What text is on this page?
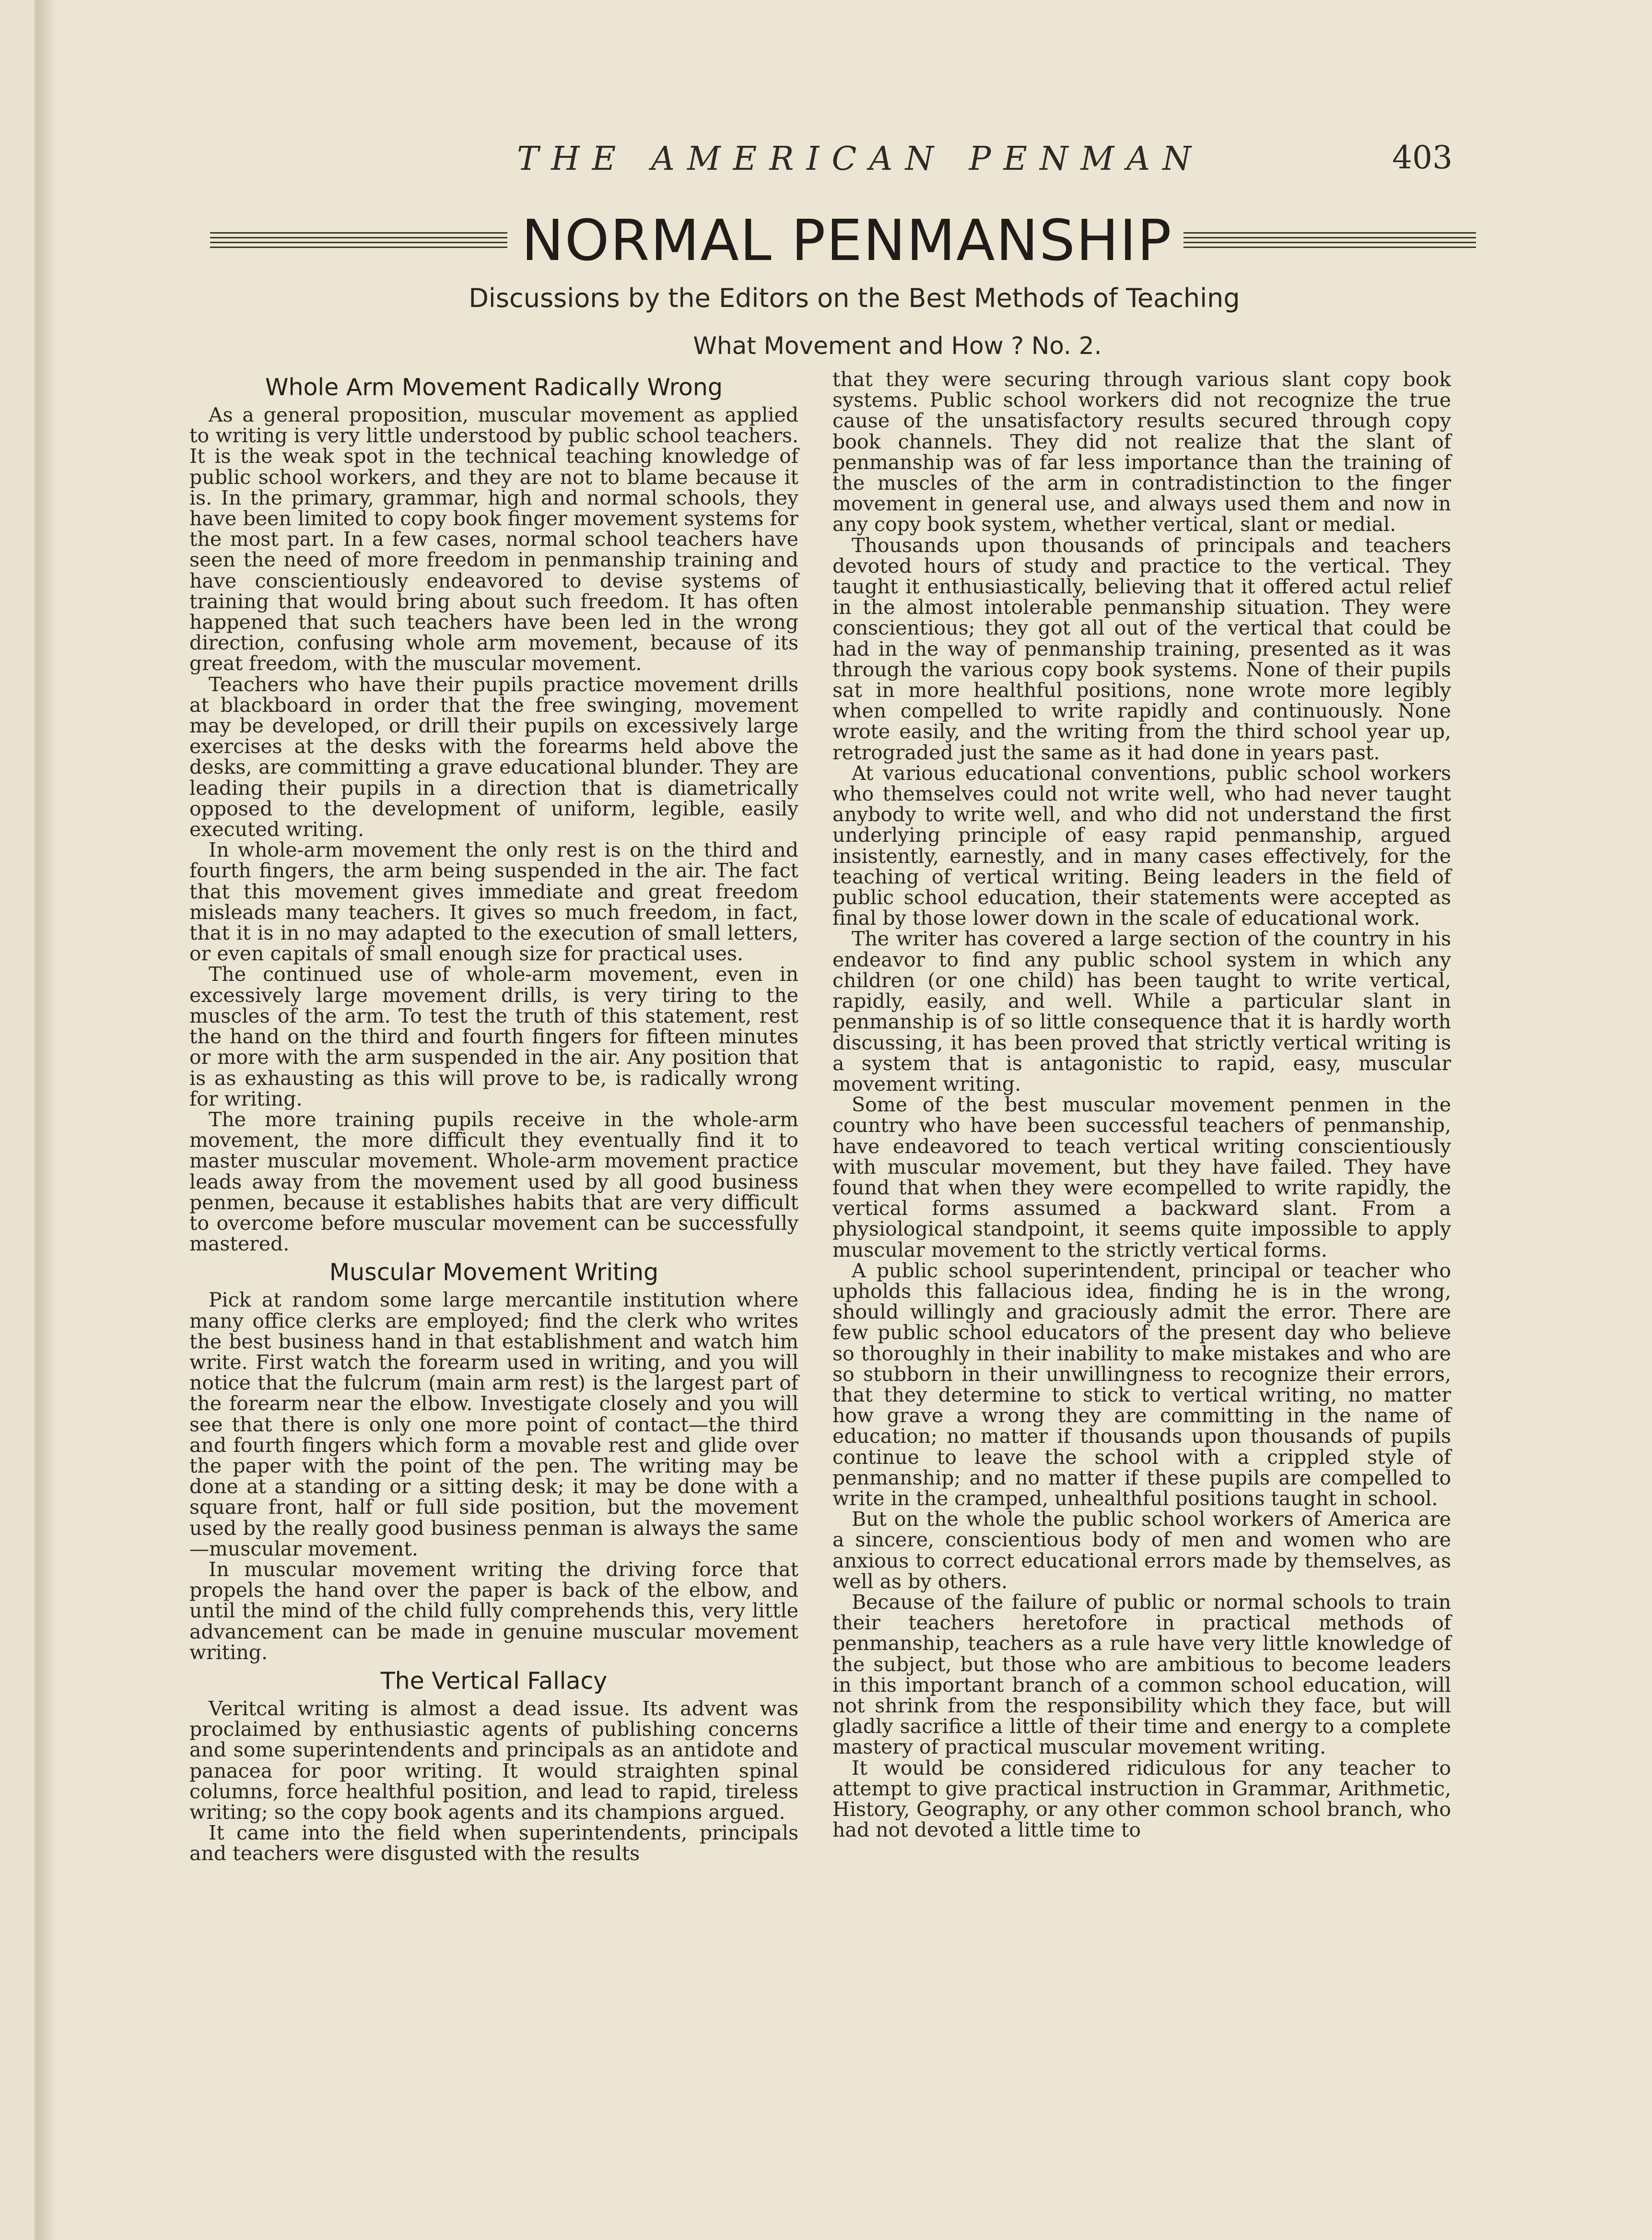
THE AMERICAN PENMAN	403
NORMAL PENMANSHIP
Discussions by the Editors on the Best Methods of Teaching
What Movement and How ? No. 2.
Whole Arm Movement Radically Wrong

As a general proposition, muscular movement as applied to writing is very little understood by public school teachers. It is the weak spot in the technical teaching knowledge of public school workers, and they are not to blame because it is. In the primary, grammar, high and normal schools, they have been limited to copy book finger movement systems for the most part. In a few cases, normal school teachers have seen the need of more freedom in penmanship training and have conscientiously endeavored to devise systems of training that would bring about such freedom. It has often happened that such teachers have been led in the wrong direction, confusing whole arm movement, because of its great freedom, with the muscular movement.

Teachers who have their pupils practice movement drills at blackboard in order that the free swinging, movement may be developed, or drill their pupils on excessively large exercises at the desks with the forearms held above the desks, are committing a grave educational blunder. They are leading their pupils in a direction that is diametrically opposed to the development of uniform, legible, easily executed writing.

In whole-arm movement the only rest is on the third and fourth fingers, the arm being suspended in the air. The fact that this movement gives immediate and great freedom misleads many teachers. It gives so much freedom, in fact, that it is in no may adapted to the execution of small letters, or even capitals of small enough size for practical uses.

The continued use of whole-arm movement, even in excessively large movement drills, is very tiring to the muscles of the arm. To test the truth of this statement, rest the hand on the third and fourth fingers for fifteen minutes or more with the arm suspended in the air. Any position that is as exhausting as this will prove to be, is radically wrong for writing.

The more training pupils receive in the whole-arm movement, the more difficult they eventually find it to master muscular movement. Whole-arm movement practice leads away from the movement used by all good business penmen, because it establishes habits that are very difficult to overcome before muscular movement can be successfully mastered.

Muscular Movement Writing

Pick at random some large mercantile institution where many office clerks are employed; find the clerk who writes the best business hand in that establishment and watch him write. First watch the forearm used in writing, and you will notice that the fulcrum (main arm rest) is the largest part of the forearm near the elbow. Investigate closely and you will see that there is only one more point of contact—the third and fourth fingers which form a movable rest and glide over the paper with the point of the pen. The writing may be done at a standing or a sitting desk; it may be done with a square front, half or full side position, but the movement used by the really good business penman is always the same—muscular movement.

In muscular movement writing the driving force that propels the hand over the paper is back of the elbow, and until the mind of the child fully comprehends this, very little advancement can be made in genuine muscular movement writing.

The Vertical Fallacy

Veritcal writing is almost a dead issue. Its advent was proclaimed by enthusiastic agents of publishing concerns and some superintendents and principals as an antidote and panacea for poor writing. It would straighten spinal columns, force healthful position, and lead to rapid, tireless writing; so the copy book agents and its champions argued.

It came into the field when superintendents, principals and teachers were disgusted with the results

that they were securing through various slant copy book systems. Public school workers did not recognize the true cause of the unsatisfactory results secured through copy book channels. They did not realize that the slant of penmanship was of far less importance than the training of the muscles of the arm in contradistinction to the finger movement in general use, and always used them and now in any copy book system, whether vertical, slant or medial.

Thousands upon thousands of principals and teachers devoted hours of study and practice to the vertical. They taught it enthusiastically, believing that it offered actul relief in the almost intolerable penmanship situation. They were conscientious; they got all out of the vertical that could be had in the way of penmanship training, presented as it was through the various copy book systems. None of their pupils sat in more healthful positions, none wrote more legibly when compelled to write rapidly and continuously. None wrote easily, and the writing from the third school year up, retrograded just the same as it had done in years past.

At various educational conventions, public school workers who themselves could not write well, who had never taught anybody to write well, and who did not understand the first underlying principle of easy rapid penmanship, argued insistently, earnestly, and in many cases effectively, for the teaching of vertical writing. Being leaders in the field of public school education, their statements were accepted as final by those lower down in the scale of educational work.

The writer has covered a large section of the country in his endeavor to find any public school system in which any children (or one child) has been taught to write vertical, rapidly, easily, and well. While a particular slant in penmanship is of so little consequence that it is hardly worth discussing, it has been proved that strictly vertical writing is a system that is antagonistic to rapid, easy, muscular movement writing.

Some of the best muscular movement penmen in the country who have been successful teachers of penmanship, have endeavored to teach vertical writing conscientiously with muscular movement, but they have failed. They have found that when they were ecompelled to write rapidly, the vertical forms assumed a backward slant. From a physiological standpoint, it seems quite impossible to apply muscular movement to the strictly vertical forms.

A public school superintendent, principal or teacher who upholds this fallacious idea, finding he is in the wrong, should willingly and graciously admit the error. There are few public school educators of the present day who believe so thoroughly in their inability to make mistakes and who are so stubborn in their unwillingness to recognize their errors, that they determine to stick to vertical writing, no matter how grave a wrong they are committing in the name of education; no matter if thousands upon thousands of pupils continue to leave the school with a crippled style of penmanship; and no matter if these pupils are compelled to write in the cramped, unhealthful positions taught in school.

But on the whole the public school workers of America are a sincere, conscientious body of men and women who are anxious to correct educational errors made by themselves, as well as by others.

Because of the failure of public or normal schools to train their teachers heretofore in practical methods of penmanship, teachers as a rule have very little knowledge of the subject, but those who are ambitious to become leaders in this important branch of a common school education, will not shrink from the responsibility which they face, but will gladly sacrifice a little of their time and energy to a complete mastery of practical muscular movement writing.

It would be considered ridiculous for any teacher to attempt to give practical instruction in Grammar, Arithmetic, History, Geography, or any other common school branch, who had not devoted a little time to
